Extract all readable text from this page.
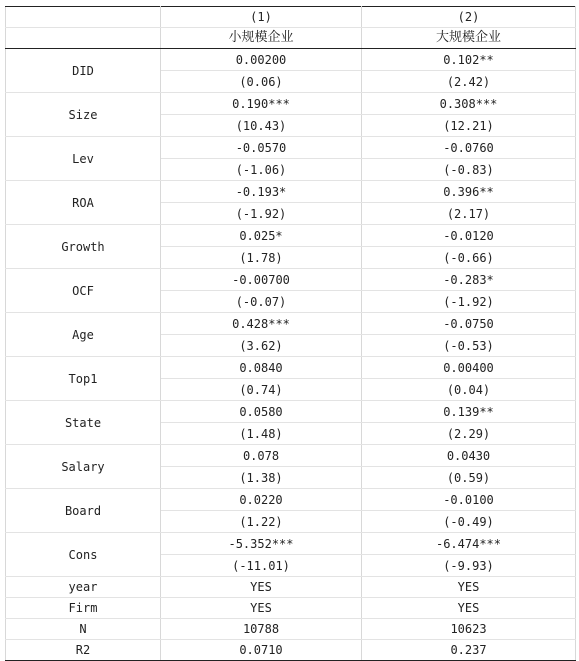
	(1)	(2)
	小规模企业	大规模企业
DID	0.00200	0.102**
	(0.06)	(2.42)
Size	0.190***	0.308***
	(10.43)	(12.21)
Lev	-0.0570	-0.0760
	(-1.06)	(-0.83)
ROA	-0.193*	0.396**
	(-1.92)	(2.17)
Growth	0.025*	-0.0120
	(1.78)	(-0.66)
OCF	-0.00700	-0.283*
	(-0.07)	(-1.92)
Age	0.428***	-0.0750
	(3.62)	(-0.53)
Top1	0.0840	0.00400
	(0.74)	(0.04)
State	0.0580	0.139**
	(1.48)	(2.29)
Salary	0.078	0.0430
	(1.38)	(0.59)
Board	0.0220	-0.0100
	(1.22)	(-0.49)
Cons	-5.352***	-6.474***
	(-11.01)	(-9.93)
year	YES	YES
Firm	YES	YES
N	10788	10623
R2	0.0710	0.237
